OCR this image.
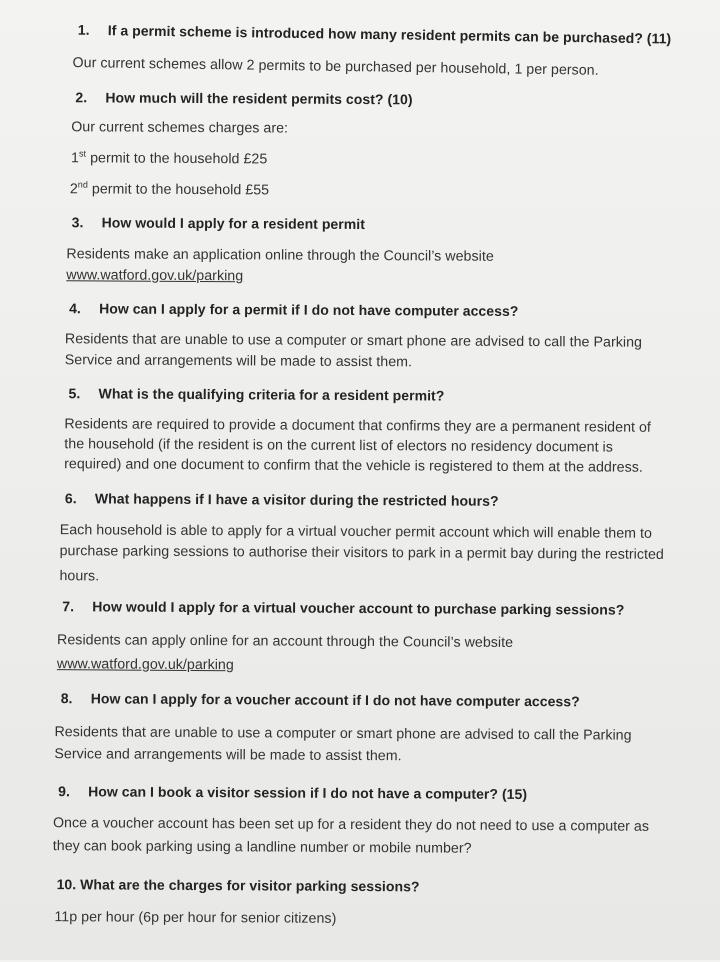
1. If a permit scheme is introduced how many resident permits can be purchased? (11)
Our current schemes allow 2 permits to be purchased per household, 1 per person.
2. How much will the resident permits cost? (10)
Our current schemes charges are:
1st permit to the household £25
2nd permit to the household £55
3. How would I apply for a resident permit
Residents make an application online through the Council’s website
www.watford.gov.uk/parking
4. How can I apply for a permit if I do not have computer access?
Residents that are unable to use a computer or smart phone are advised to call the Parking
Service and arrangements will be made to assist them.
5. What is the qualifying criteria for a resident permit?
Residents are required to provide a document that confirms they are a permanent resident of
the household (if the resident is on the current list of electors no residency document is
required) and one document to confirm that the vehicle is registered to them at the address.
6. What happens if I have a visitor during the restricted hours?
Each household is able to apply for a virtual voucher permit account which will enable them to
purchase parking sessions to authorise their visitors to park in a permit bay during the restricted
hours.
7. How would I apply for a virtual voucher account to purchase parking sessions?
Residents can apply online for an account through the Council’s website
www.watford.gov.uk/parking
8. How can I apply for a voucher account if I do not have computer access?
Residents that are unable to use a computer or smart phone are advised to call the Parking
Service and arrangements will be made to assist them.
9. How can I book a visitor session if I do not have a computer? (15)
Once a voucher account has been set up for a resident they do not need to use a computer as
they can book parking using a landline number or mobile number?
10. What are the charges for visitor parking sessions?
11p per hour (6p per hour for senior citizens)
